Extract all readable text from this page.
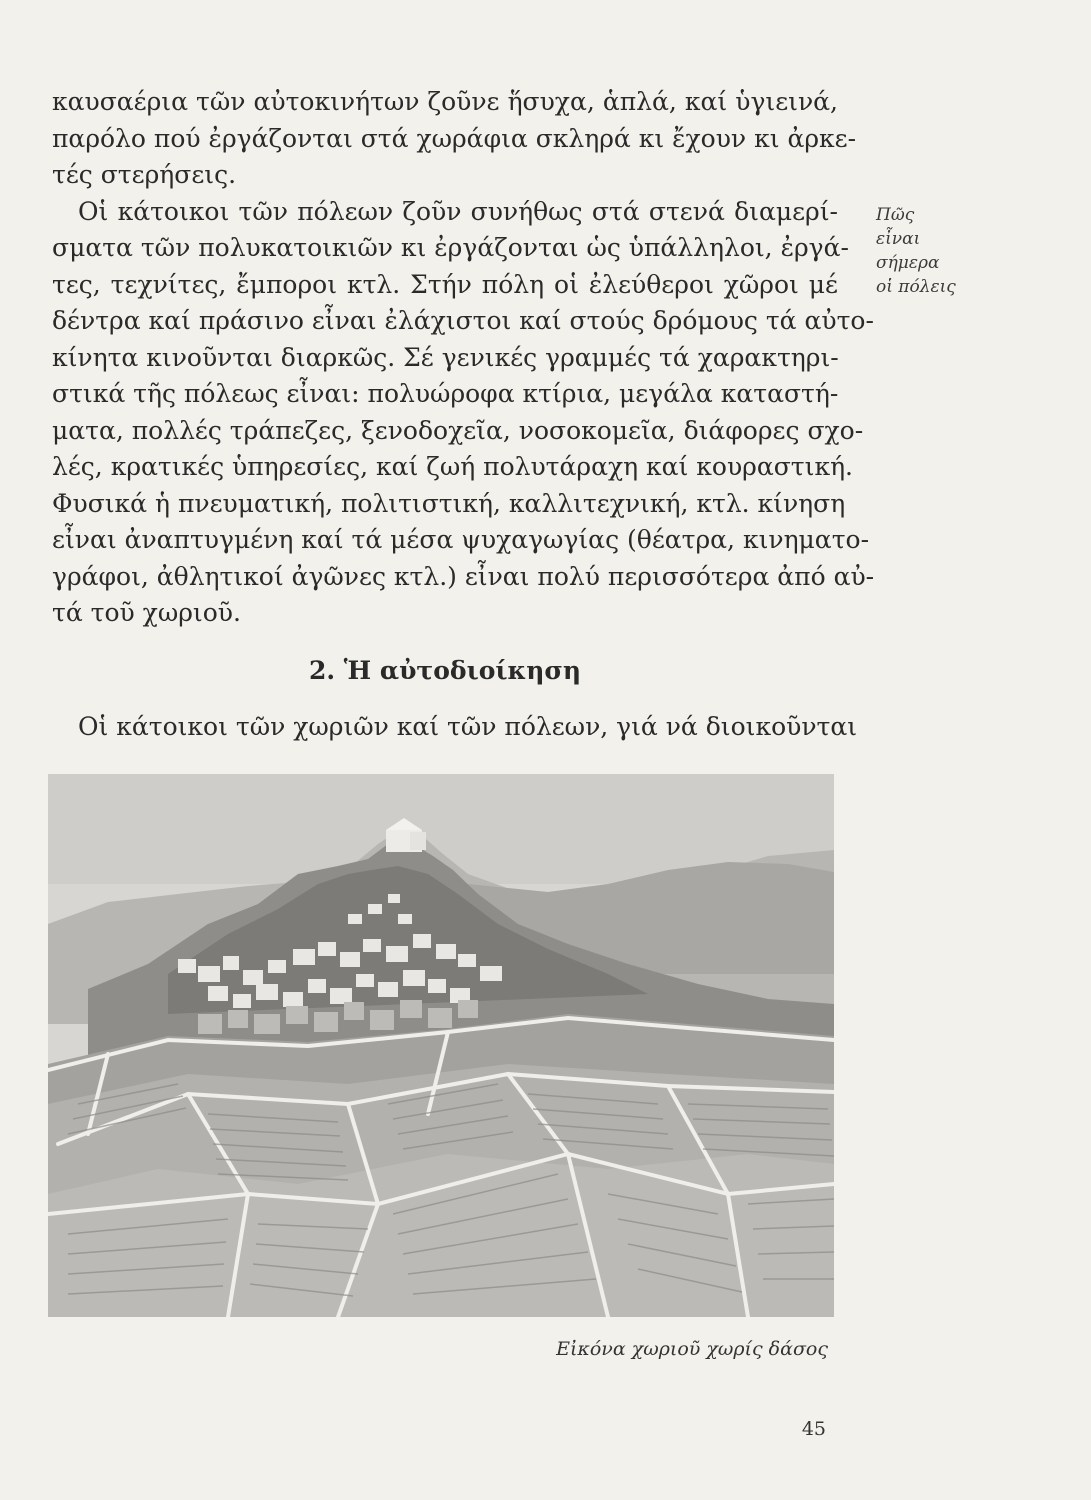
καυσαέρια τῶν αὐτοκινήτων ζοῦνε ἥσυχα, ἁπλά, καί ὑγιεινά,
παρόλο πού ἐργάζονται στά χωράφια σκληρά κι ἔχουν κι ἀρκε-
τές στερήσεις.

Οἱ κάτοικοι τῶν πόλεων ζοῦν συνήθως στά στενά διαμερί-
σματα τῶν πολυκατοικιῶν κι ἐργάζονται ὡς ὑπάλληλοι, ἐργά-
τες, τεχνίτες, ἔμποροι κτλ. Στήν πόλη οἱ ἐλεύθεροι χῶροι μέ
δέντρα καί πράσινο εἶναι ἐλάχιστοι καί στούς δρόμους τά αὐτο-
κίνητα κινοῦνται διαρκῶς. Σέ γενικές γραμμές τά χαρακτηρι-
στικά τῆς πόλεως εἶναι: πολυώροφα κτίρια, μεγάλα καταστή-
ματα, πολλές τράπεζες, ξενοδοχεῖα, νοσοκομεῖα, διάφορες σχο-
λές, κρατικές ὑπηρεσίες, καί ζωή πολυτάραχη καί κουραστική.
Φυσικά ἡ πνευματική, πολιτιστική, καλλιτεχνική, κτλ. κίνηση
εἶναι ἀναπτυγμένη καί τά μέσα ψυχαγωγίας (θέατρα, κινηματο-
γράφοι, ἀθλητικοί ἀγῶνες κτλ.) εἶναι πολύ περισσότερα ἀπό αὐ-
τά τοῦ χωριοῦ.

Πῶς
εἶναι
σήμερα
οἱ πόλεις
2. Ἡ αὐτοδιοίκηση
Οἱ κάτοικοι τῶν χωριῶν καί τῶν πόλεων, γιά νά διοικοῦνται
Εἰκόνα χωριοῦ χωρίς δάσος
45
